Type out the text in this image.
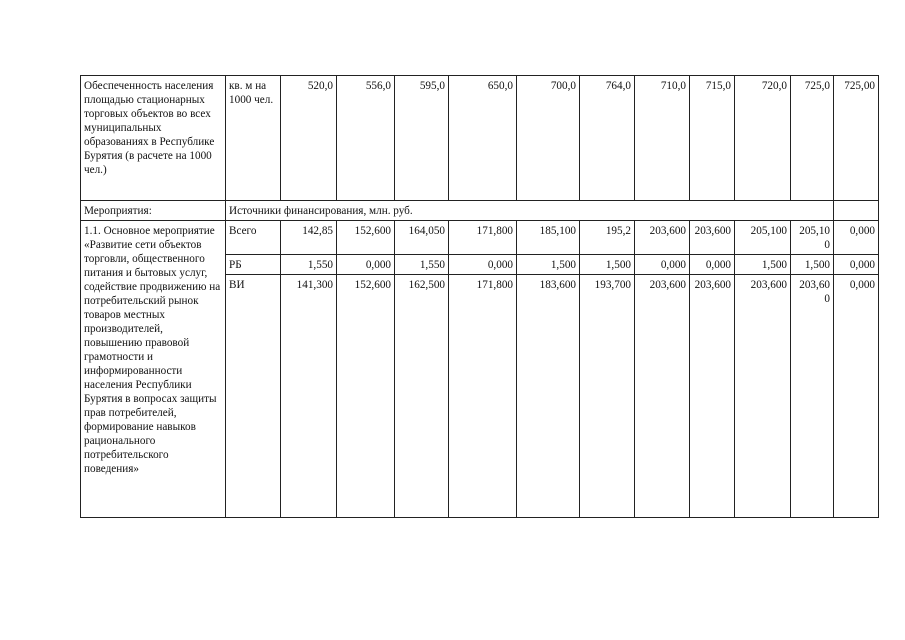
Обеспеченность населения площадью стационарных торговых объектов во всех муниципальных образованиях в Республике Бурятия (в расчете на 1000 чел.)	кв. м на 1000 чел.	520,0	556,0	595,0	650,0	700,0	764,0	710,0	715,0	720,0	725,0	725,00
Мероприятия:	Источники финансирования, млн. руб.											
1.1. Основное мероприятие «Развитие сети объектов торговли, общественного питания и бытовых услуг, содействие продвижению на потребительский рынок товаров местных производителей, повышению правовой грамотности и информированности населения Республики Бурятия в вопросах защиты прав потребителей, формирование навыков рационального потребительского поведения»	Всего	142,85	152,600	164,050	171,800	185,100	195,2	203,600	203,600	205,100	205,100	0,000
	РБ	1,550	0,000	1,550	0,000	1,500	1,500	0,000	0,000	1,500	1,500	0,000
	ВИ	141,300	152,600	162,500	171,800	183,600	193,700	203,600	203,600	203,600	203,600	0,000
